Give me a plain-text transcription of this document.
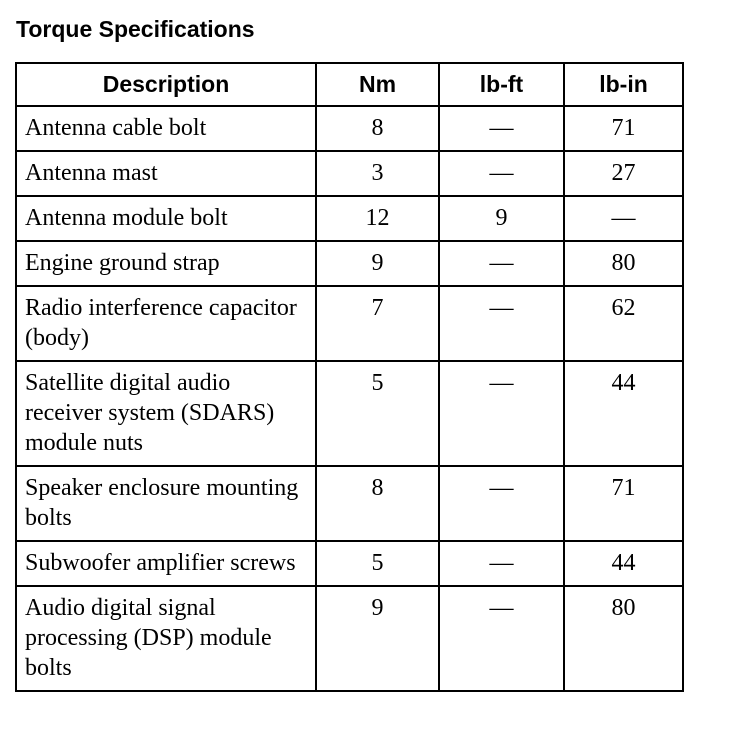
Torque Specifications
Description	Nm	lb-ft	lb-in
Antenna cable bolt	8	—	71
Antenna mast	3	—	27
Antenna module bolt	12	9	—
Engine ground strap	9	—	80
Radio interference capacitor (body)	7	—	62
Satellite digital audio receiver system (SDARS) module nuts	5	—	44
Speaker enclosure mounting bolts	8	—	71
Subwoofer amplifier screws	5	—	44
Audio digital signal processing (DSP) module bolts	9	—	80
